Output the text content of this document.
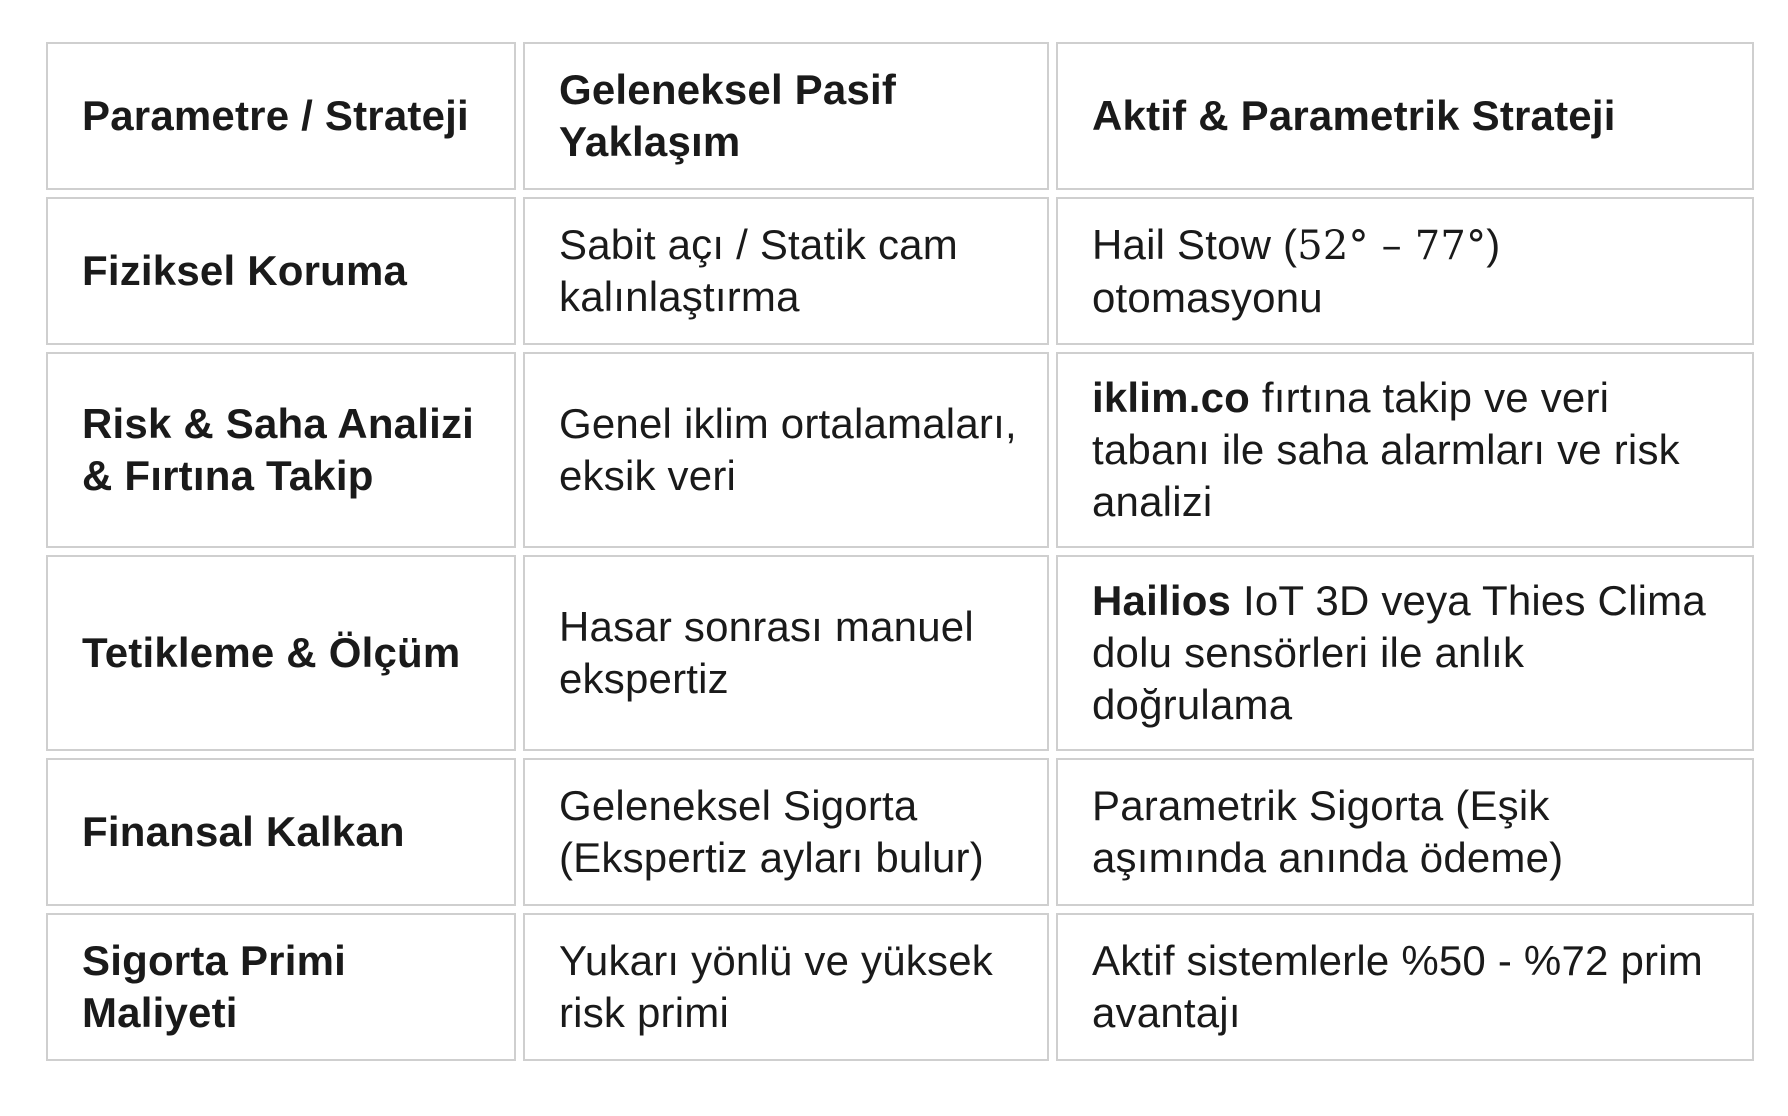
Parametre / Strateji	Geleneksel Pasif Yaklaşım	Aktif & Parametrik Strateji
Fiziksel Koruma	Sabit açı / Statik cam kalınlaştırma	Hail Stow (52° – 77°) otomasyonu
Risk & Saha Analizi & Fırtına Takip	Genel iklim ortalamaları, eksik veri	iklim.co fırtına takip ve veri tabanı ile saha alarmları ve risk analizi
Tetikleme & Ölçüm	Hasar sonrası manuel ekspertiz	Hailios IoT 3D veya Thies Clima dolu sensörleri ile anlık doğrulama
Finansal Kalkan	Geleneksel Sigorta (Ekspertiz ayları bulur)	Parametrik Sigorta (Eşik aşımında anında ödeme)
Sigorta Primi Maliyeti	Yukarı yönlü ve yüksek risk primi	Aktif sistemlerle %50 - %72 prim avantajı
